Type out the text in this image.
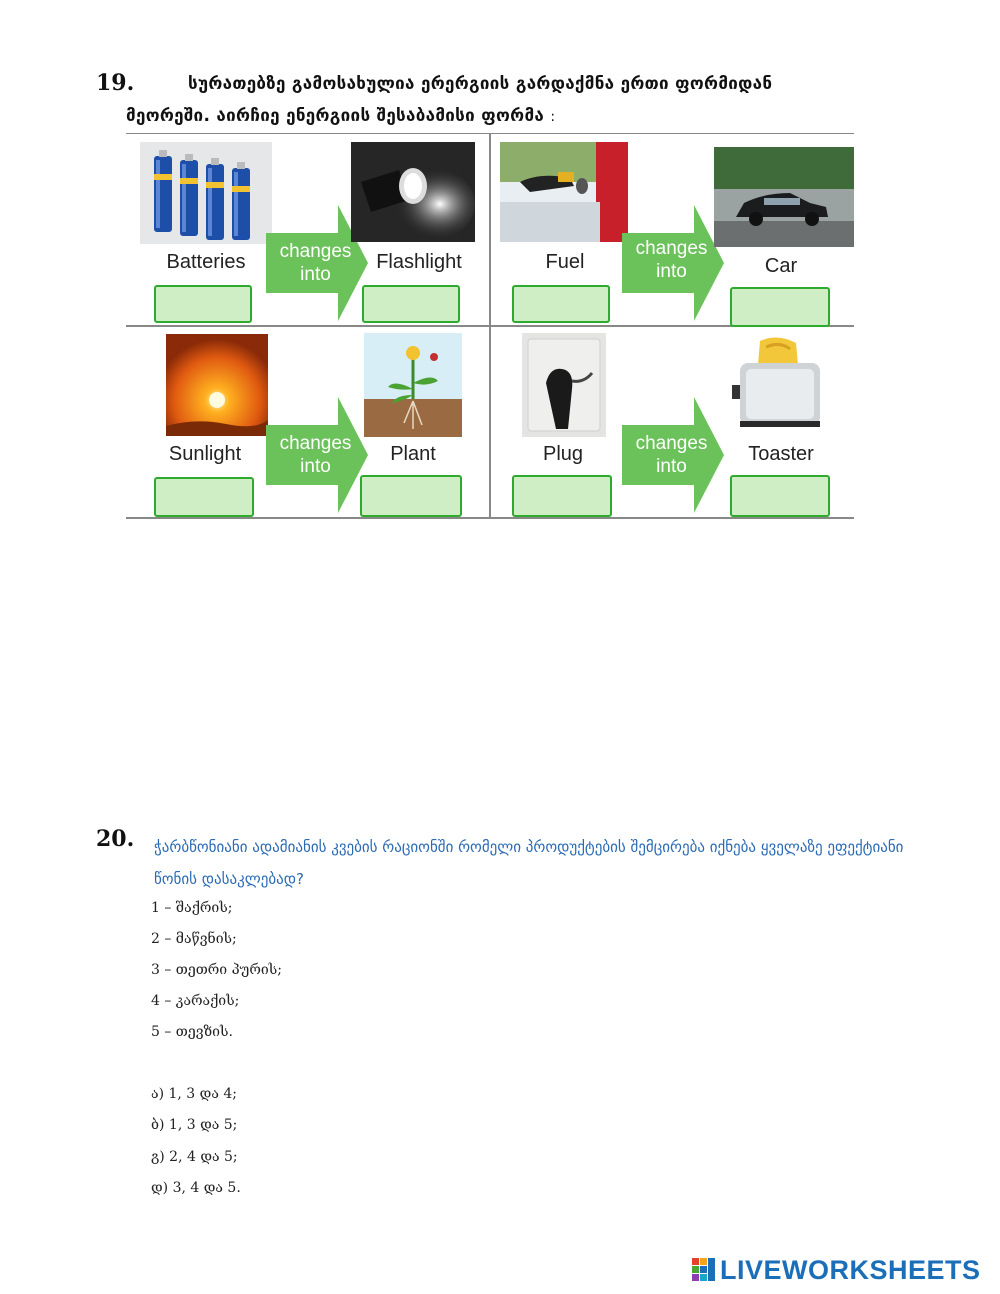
19.	სურათებზე გამოსახულია ერერგიის გარდაქმნა ერთი ფორმიდან
მეორეში. აირჩიე ენერგიის შესაბამისი ფორმა :
Batteries	changes
into
Flashlight	Fuel
changes
into	Car
Sunlight	changes
into
Plant	Plug	changes
into
Toaster
20. ჭარბწონიანი ადამიანის კვების რაციონში რომელი პროდუქტების შემცირება იქნება ყველაზე ეფექტიანი
წონის დასაკლებად?
1 – შაქრის;
2 – მაწვნის;
3 – თეთრი პურის;
4 – კარაქის;
5 – თევზის.
ა) 1, 3 და 4;
ბ) 1, 3 და 5;
გ) 2, 4 და 5;
დ) 3, 4 და 5.
LIVEWORKSHEETS
